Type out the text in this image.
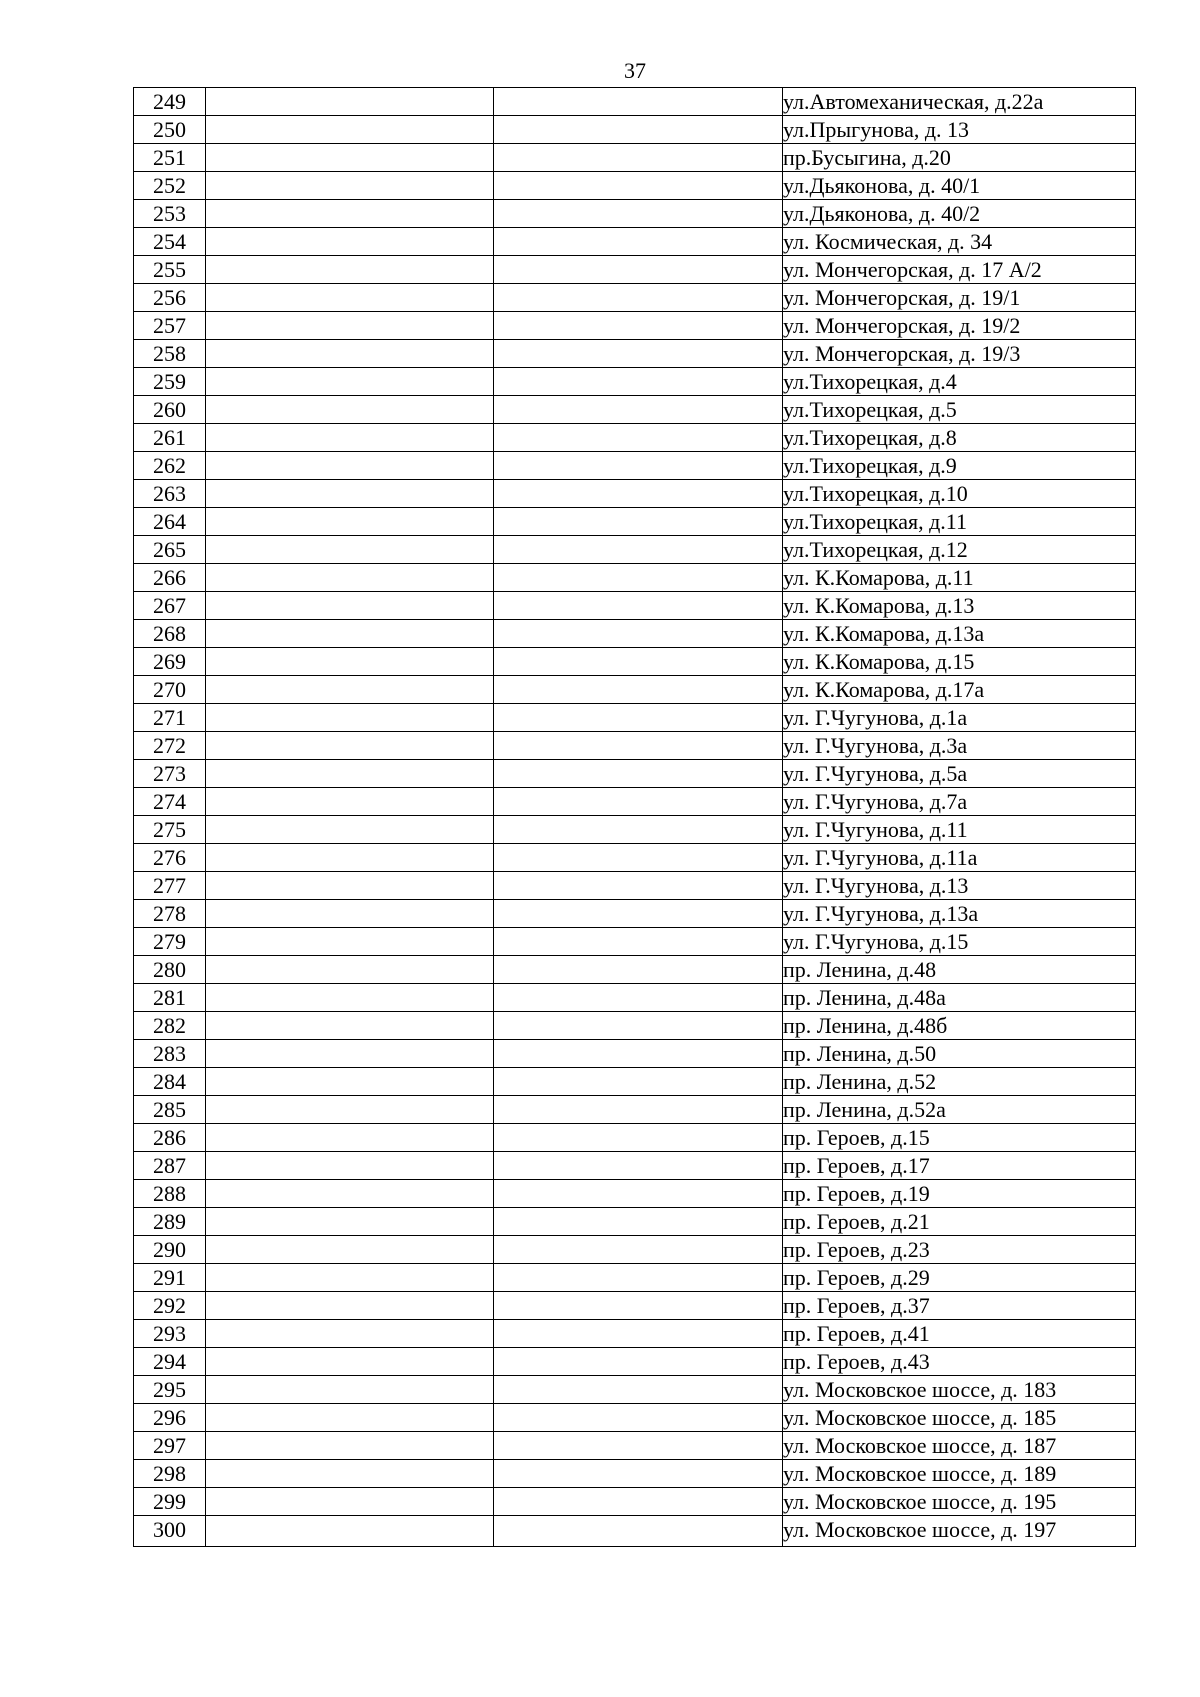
37
249			ул.Автомеханическая, д.22а
250			ул.Прыгунова, д. 13
251			пр.Бусыгина, д.20
252			ул.Дьяконова, д. 40/1
253			ул.Дьяконова, д. 40/2
254			ул. Космическая, д. 34
255			ул. Мончегорская, д. 17 А/2
256			ул. Мончегорская, д. 19/1
257			ул. Мончегорская, д. 19/2
258			ул. Мончегорская, д. 19/3
259			ул.Тихорецкая, д.4
260			ул.Тихорецкая, д.5
261			ул.Тихорецкая, д.8
262			ул.Тихорецкая, д.9
263			ул.Тихорецкая, д.10
264			ул.Тихорецкая, д.11
265			ул.Тихорецкая, д.12
266			ул. К.Комарова, д.11
267			ул. К.Комарова, д.13
268			ул. К.Комарова, д.13а
269			ул. К.Комарова, д.15
270			ул. К.Комарова, д.17а
271			ул. Г.Чугунова, д.1а
272			ул. Г.Чугунова, д.3а
273			ул. Г.Чугунова, д.5а
274			ул. Г.Чугунова, д.7а
275			ул. Г.Чугунова, д.11
276			ул. Г.Чугунова, д.11а
277			ул. Г.Чугунова, д.13
278			ул. Г.Чугунова, д.13а
279			ул. Г.Чугунова, д.15
280			пр. Ленина, д.48
281			пр. Ленина, д.48а
282			пр. Ленина, д.48б
283			пр. Ленина, д.50
284			пр. Ленина, д.52
285			пр. Ленина, д.52а
286			пр. Героев, д.15
287			пр. Героев, д.17
288			пр. Героев, д.19
289			пр. Героев, д.21
290			пр. Героев, д.23
291			пр. Героев, д.29
292			пр. Героев, д.37
293			пр. Героев, д.41
294			пр. Героев, д.43
295			ул. Московское шоссе, д. 183
296			ул. Московское шоссе, д. 185
297			ул. Московское шоссе, д. 187
298			ул. Московское шоссе, д. 189
299			ул. Московское шоссе, д. 195
300			ул. Московское шоссе, д. 197
